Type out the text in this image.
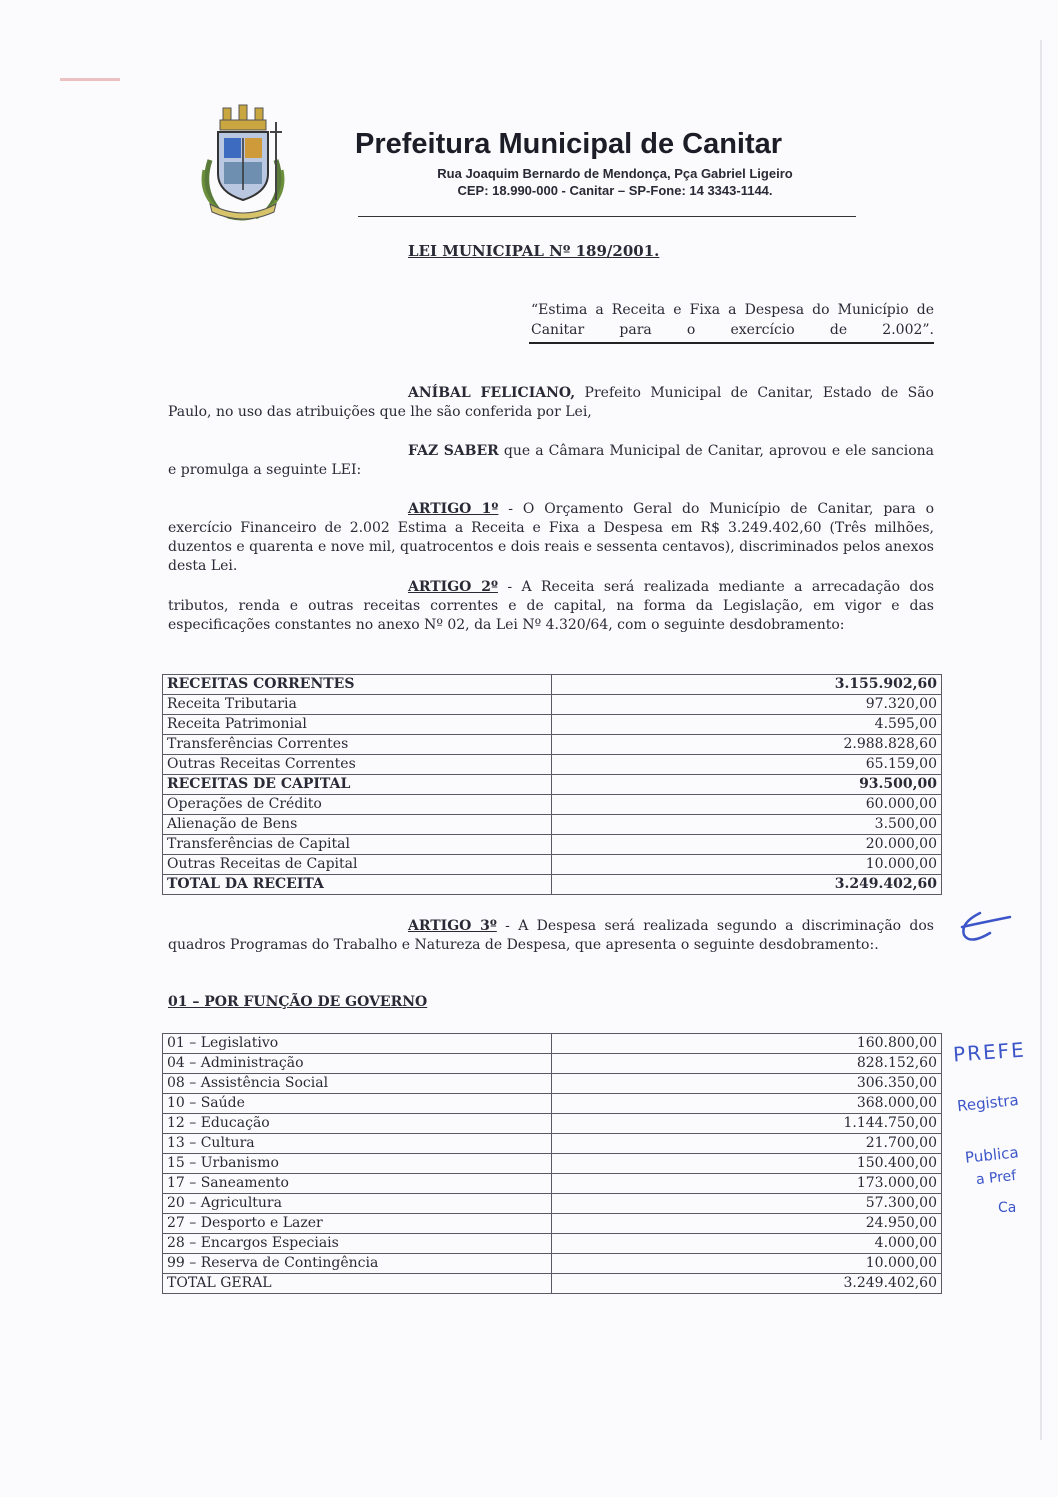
Prefeitura Municipal de Canitar
Rua Joaquim Bernardo de Mendonça, Pça Gabriel Ligeiro
CEP: 18.990-000 - Canitar – SP-Fone: 14 3343-1144.
LEI MUNICIPAL Nº 189/2001.
“Estima a Receita e Fixa a Despesa do Município de Canitar para o exercício de 2.002”.

ANÍBAL FELICIANO, Prefeito Municipal de Canitar, Estado de São Paulo, no uso das atribuições que lhe são conferida por Lei,

FAZ SABER que a Câmara Municipal de Canitar, aprovou e ele sanciona e promulga a seguinte LEI:

ARTIGO 1º - O Orçamento Geral do Município de Canitar, para o exercício Financeiro de 2.002 Estima a Receita e Fixa a Despesa em R$ 3.249.402,60 (Três milhões, duzentos e quarenta e nove mil, quatrocentos e dois reais e sessenta centavos), discriminados pelos anexos desta Lei.

ARTIGO 2º - A Receita será realizada mediante a arrecadação dos tributos, renda e outras receitas correntes e de capital, na forma da Legislação, em vigor e das especificações constantes no anexo Nº 02, da Lei Nº 4.320/64, com o seguinte desdobramento:

RECEITAS CORRENTES	3.155.902,60
Receita Tributaria	97.320,00
Receita Patrimonial	4.595,00
Transferências Correntes	2.988.828,60
Outras Receitas Correntes	65.159,00
RECEITAS DE CAPITAL	93.500,00
Operações de Crédito	60.000,00
Alienação de Bens	3.500,00
Transferências de Capital	20.000,00
Outras Receitas de Capital	10.000,00
TOTAL DA RECEITA	3.249.402,60

ARTIGO 3º - A Despesa será realizada segundo a discriminação dos quadros Programas do Trabalho e Natureza de Despesa, que apresenta o seguinte desdobramento:.

01 – POR FUNÇÃO DE GOVERNO
01 – Legislativo	160.800,00
04 – Administração	828.152,60
08 – Assistência Social	306.350,00
10 – Saúde	368.000,00
12 – Educação	1.144.750,00
13 – Cultura	21.700,00
15 – Urbanismo	150.400,00
17 – Saneamento	173.000,00
20 – Agricultura	57.300,00
27 – Desporto e Lazer	24.950,00
28 – Encargos Especiais	4.000,00
99 – Reserva de Contingência	10.000,00
TOTAL GERAL	3.249.402,60
PREFE
Registra
Publica
a Pref
Ca
